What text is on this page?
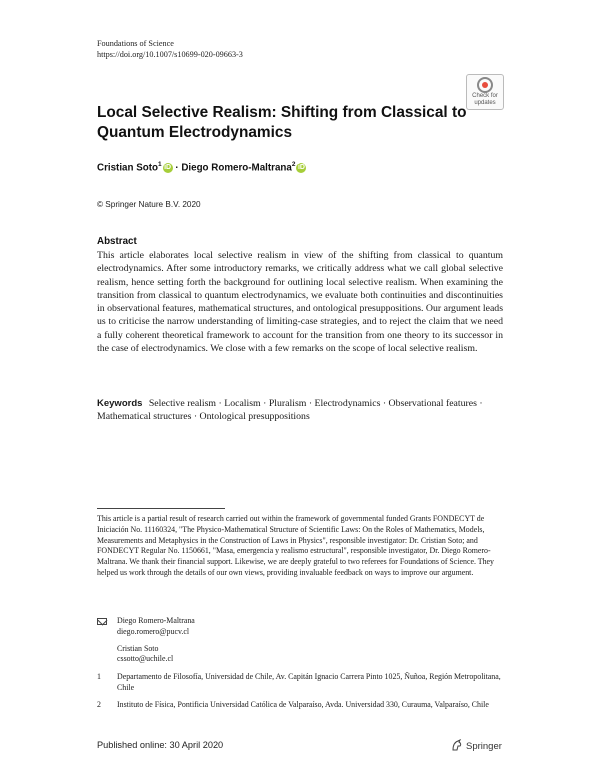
Foundations of Science
https://doi.org/10.1007/s10699-020-09663-3
Check for
updates
Local Selective Realism: Shifting from Classical to Quantum Electrodynamics
Cristian Soto$^1$ iD · Diego Romero-Maltrana$^2$ iD
© Springer Nature B.V. 2020
Abstract
This article elaborates local selective realism in view of the shifting from classical to quantum electrodynamics. After some introductory remarks, we critically address what we call global selective realism, hence setting forth the background for outlining local selective realism. When examining the transition from classical to quantum electrodynamics, we evaluate both continuities and discontinuities in observational features, mathematical structures, and ontological presuppositions. Our argument leads us to criticise the narrow understanding of limiting-case strategies, and to reject the claim that we need a fully coherent theoretical framework to account for the transition from one theory to its successor in the case of electrodynamics. We close with a few remarks on the scope of local selective realism.
Keywords Selective realism · Localism · Pluralism · Electrodynamics · Observational features · Mathematical structures · Ontological presuppositions
This article is a partial result of research carried out within the framework of governmental funded Grants FONDECYT de Iniciación No. 11160324, "The Physico-Mathematical Structure of Scientific Laws: On the Roles of Mathematics, Models, Measurements and Metaphysics in the Construction of Laws in Physics", responsible investigator: Dr. Cristian Soto; and FONDECYT Regular No. 1150661, "Masa, emergencia y realismo estructural", responsible investigator, Dr. Diego Romero-Maltrana. We thank their financial support. Likewise, we are deeply grateful to two referees for Foundations of Science. They helped us work through the details of our own views, providing invaluable feedback on ways to improve our argument.
Diego Romero-Maltrana
diego.romero@pucv.cl
Cristian Soto
cssotto@uchile.cl
1	Departamento de Filosofía, Universidad de Chile, Av. Capitán Ignacio Carrera Pinto 1025, Ñuñoa, Región Metropolitana, Chile
2	Instituto de Física, Pontificia Universidad Católica de Valparaíso, Avda. Universidad 330, Curauma, Valparaíso, Chile
Published online: 30 April 2020	Springer
